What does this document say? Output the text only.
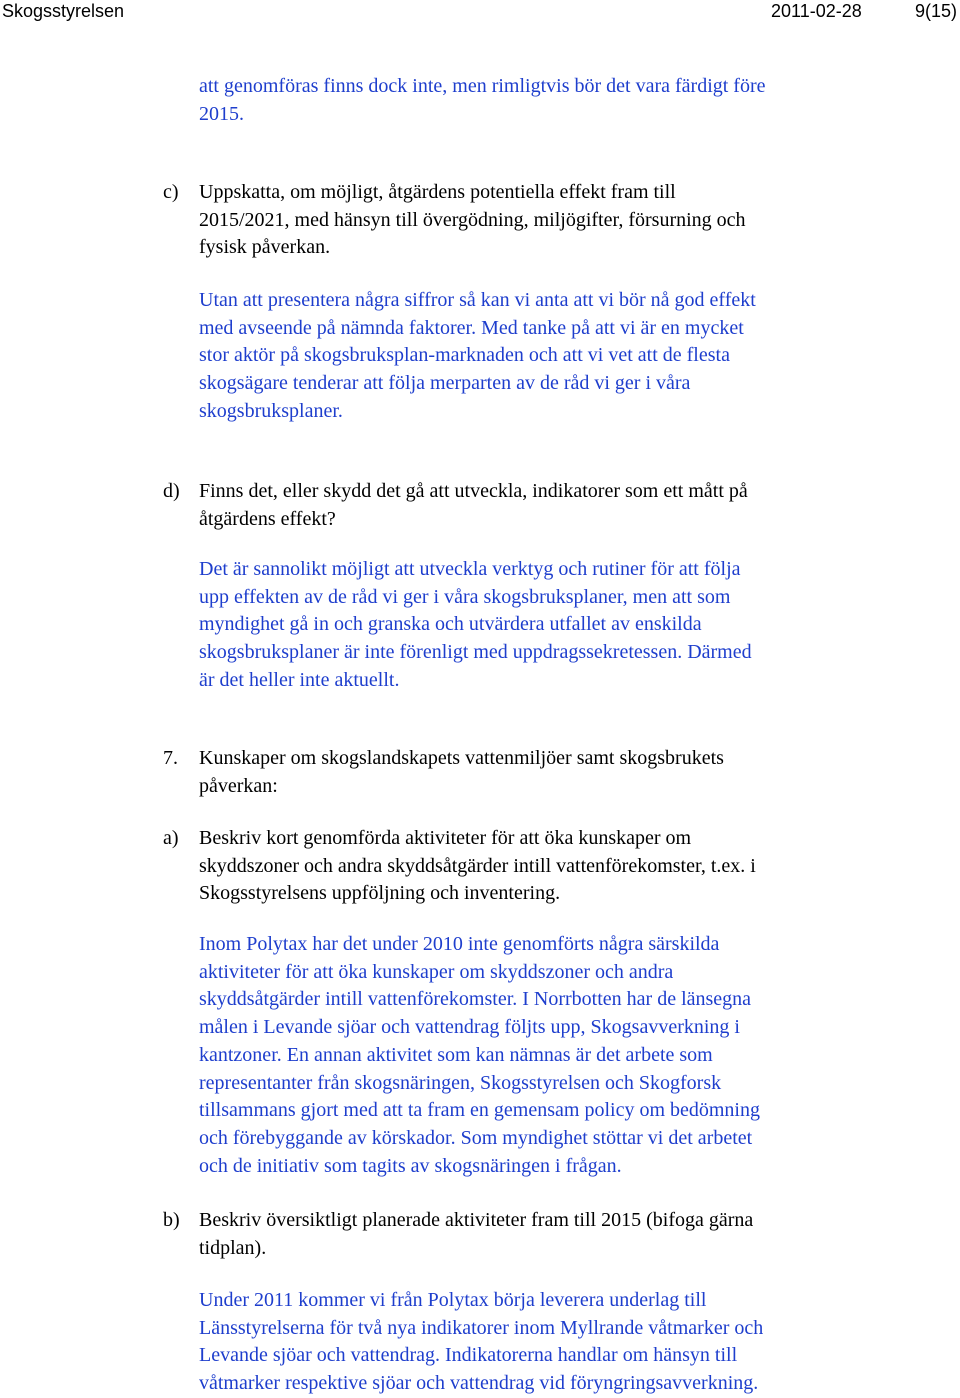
Skogsstyrelsen	2011-02-28	9(15)
att genomföras finns dock inte, men rimligtvis bör det vara färdigt före
2015.
c) Uppskatta, om möjligt, åtgärdens potentiella effekt fram till
2015/2021, med hänsyn till övergödning, miljögifter, försurning och
fysisk påverkan.
Utan att presentera några siffror så kan vi anta att vi bör nå god effekt
med avseende på nämnda faktorer. Med tanke på att vi är en mycket
stor aktör på skogsbruksplan-marknaden och att vi vet att de flesta
skogsägare tenderar att följa merparten av de råd vi ger i våra
skogsbruksplaner.
d) Finns det, eller skydd det gå att utveckla, indikatorer som ett mått på
åtgärdens effekt?
Det är sannolikt möjligt att utveckla verktyg och rutiner för att följa
upp effekten av de råd vi ger i våra skogsbruksplaner, men att som
myndighet gå in och granska och utvärdera utfallet av enskilda
skogsbruksplaner är inte förenligt med uppdragssekretessen. Därmed
är det heller inte aktuellt.
7. Kunskaper om skogslandskapets vattenmiljöer samt skogsbrukets
påverkan:
a) Beskriv kort genomförda aktiviteter för att öka kunskaper om
skyddszoner och andra skyddsåtgärder intill vattenförekomster, t.ex. i
Skogsstyrelsens uppföljning och inventering.
Inom Polytax har det under 2010 inte genomförts några särskilda
aktiviteter för att öka kunskaper om skyddszoner och andra
skyddsåtgärder intill vattenförekomster. I Norrbotten har de länsegna
målen i Levande sjöar och vattendrag följts upp, Skogsavverkning i
kantzoner. En annan aktivitet som kan nämnas är det arbete som
representanter från skogsnäringen, Skogsstyrelsen och Skogforsk
tillsammans gjort med att ta fram en gemensam policy om bedömning
och förebyggande av körskador. Som myndighet stöttar vi det arbetet
och de initiativ som tagits av skogsnäringen i frågan.
b) Beskriv översiktligt planerade aktiviteter fram till 2015 (bifoga gärna
tidplan).
Under 2011 kommer vi från Polytax börja leverera underlag till
Länsstyrelserna för två nya indikatorer inom Myllrande våtmarker och
Levande sjöar och vattendrag. Indikatorerna handlar om hänsyn till
våtmarker respektive sjöar och vattendrag vid föryngringsavverkning.
